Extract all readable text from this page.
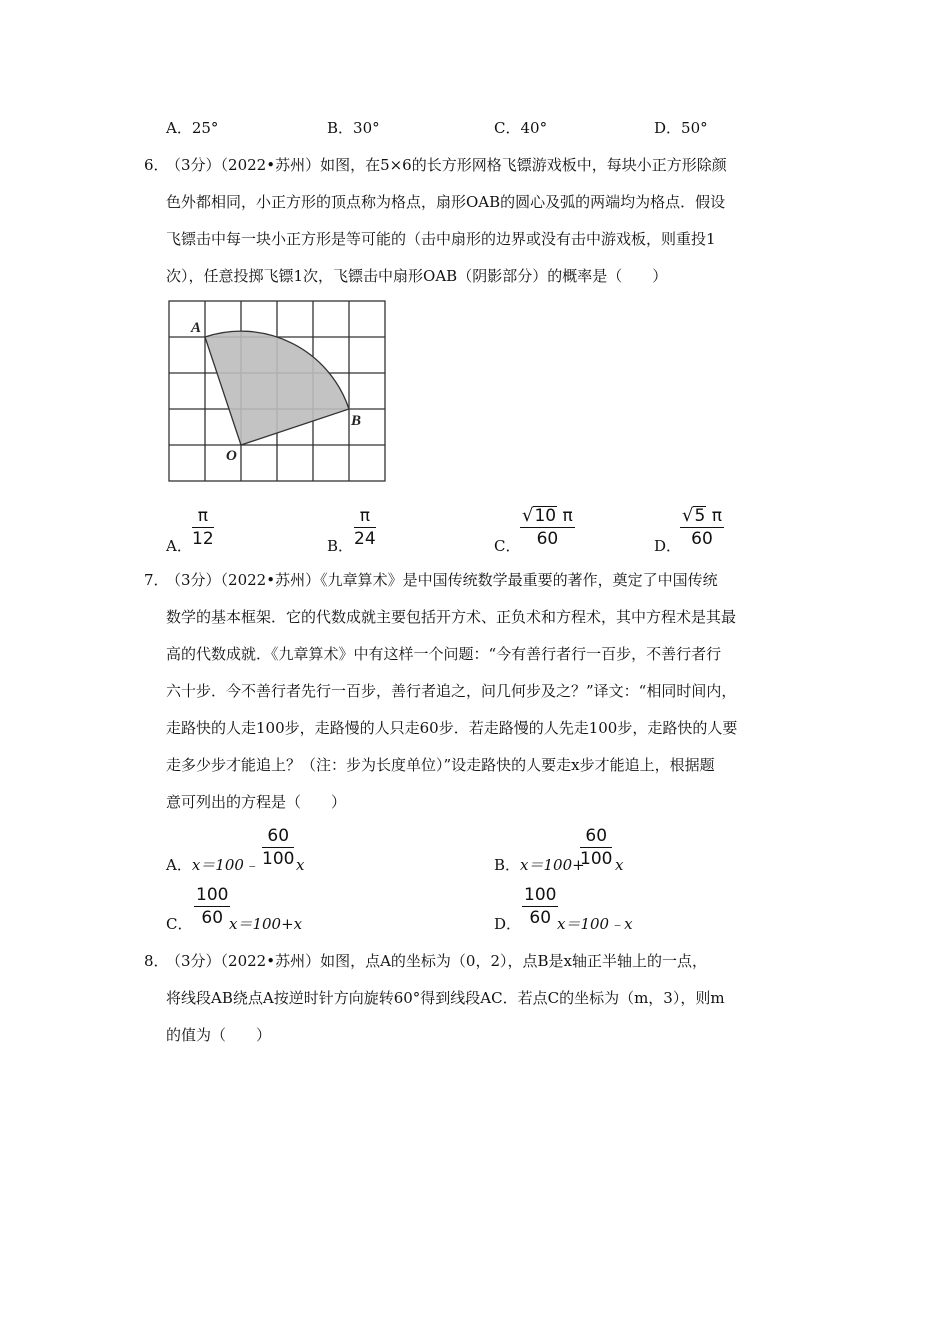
A．25°	B．30°	C．40°	D．50°
6．
（3分）（2022•苏州）如图，在5×6的长方形网格飞镖游戏板中，每块小正方形除颜
色外都相同，小正方形的顶点称为格点，扇形OAB的圆心及弧的两端均为格点．假设
飞镖击中每一块小正方形是等可能的（击中扇形的边界或没有击中游戏板，则重投1
次），任意投掷飞镖1次，飞镖击中扇形OAB（阴影部分）的概率是（　　）
A
B
O
A． $\frac{\pi}{12}$	B． $\frac{\pi}{24}$	C． $\frac{√10 \pi}{60}$	D．
$\frac{√5 \pi}{60}$
7．
（3分）（2022•苏州）《九章算术》是中国传统数学最重要的著作，奠定了中国传统
数学的基本框架．它的代数成就主要包括开方术、正负术和方程术，其中方程术是其最
高的代数成就．《九章算术》中有这样一个问题：“今有善行者行一百步，不善行者行
六十步．今不善行者先行一百步，善行者追之，问几何步及之？”译文：“相同时间内，
走路快的人走100步，走路慢的人只走60步．若走路慢的人先走100步，走路快的人要
走多少步才能追上？（注：步为长度单位）”设走路快的人要走x步才能追上，根据题
意可列出的方程是（　　）
A．x＝100﹣ $\frac{60}{100}$ x	B．x＝100+
$\frac{60}{100}$ x
C． $\frac{100}{60}$
x＝100+x	D． $\frac{100}{60}$
x＝100﹣x
8．
（3分）（2022•苏州）如图，点A的坐标为（0，2），点B是x轴正半轴上的一点，
将线段AB绕点A按逆时针方向旋转60°得到线段AC．若点C的坐标为（m，3），则m
的值为（　　）
